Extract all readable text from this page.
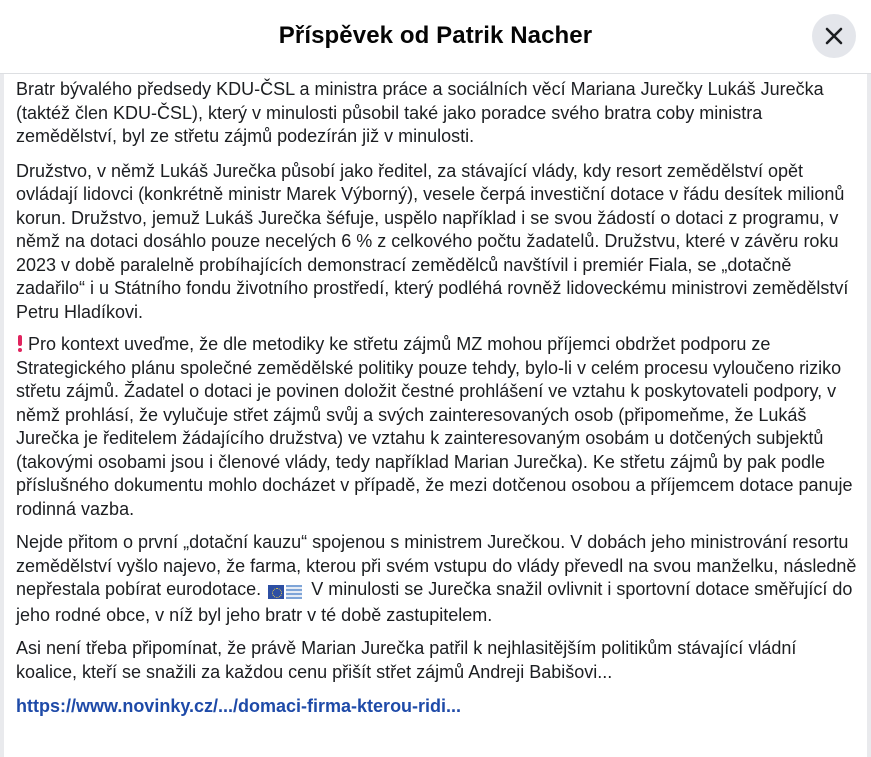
Příspěvek od Patrik Nacher

Bratr bývalého předsedy KDU-ČSL a ministra práce a sociálních věcí Mariana Jurečky Lukáš Jurečka (taktéž člen KDU-ČSL), který v minulosti působil také jako poradce svého bratra coby ministra zemědělství, byl ze střetu zájmů podezírán již v minulosti.

Družstvo, v němž Lukáš Jurečka působí jako ředitel, za stávající vlády, kdy resort zemědělství opět ovládají lidovci (konkrétně ministr Marek Výborný), vesele čerpá investiční dotace v řádu desítek milionů korun. Družstvo, jemuž Lukáš Jurečka šéfuje, uspělo například i se svou žádostí o dotaci z programu, v němž na dotaci dosáhlo pouze necelých 6 % z celkového počtu žadatelů. Družstvu, které v závěru roku 2023 v době paralelně probíhajících demonstrací zemědělců navštívil i premiér Fiala, se „dotačně zadařilo“ i u Státního fondu životního prostředí, který podléhá rovněž lidoveckému ministrovi zemědělství Petru Hladíkovi.

Pro kontext uveďme, že dle metodiky ke střetu zájmů MZ mohou příjemci obdržet podporu ze Strategického plánu společné zemědělské politiky pouze tehdy, bylo-li v celém procesu vyloučeno riziko střetu zájmů. Žadatel o dotaci je povinen doložit čestné prohlášení ve vztahu k poskytovateli podpory, v němž prohlásí, že vylučuje střet zájmů svůj a svých zainteresovaných osob (připomeňme, že Lukáš Jurečka je ředitelem žádajícího družstva) ve vztahu k zainteresovaným osobám u dotčených subjektů (takovými osobami jsou i členové vlády, tedy například Marian Jurečka). Ke střetu zájmů by pak podle příslušného dokumentu mohlo docházet v případě, že mezi dotčenou osobou a příjemcem dotace panuje rodinná vazba.

Nejde přitom o první „dotační kauzu“ spojenou s ministrem Jurečkou. V dobách jeho ministrování resortu zemědělství vyšlo najevo, že farma, kterou při svém vstupu do vlády převedl na svou manželku, následně nepřestala pobírat eurodotace.	V minulosti se Jurečka snažil ovlivnit i sportovní dotace směřující do jeho rodné obce, v níž byl jeho bratr v té době zastupitelem.

Asi není třeba připomínat, že právě Marian Jurečka patřil k nejhlasitějším politikům stávající vládní koalice, kteří se snažili za každou cenu přišít střet zájmů Andreji Babišovi...

https://www.novinky.cz/.../domaci-firma-kterou-ridi...
